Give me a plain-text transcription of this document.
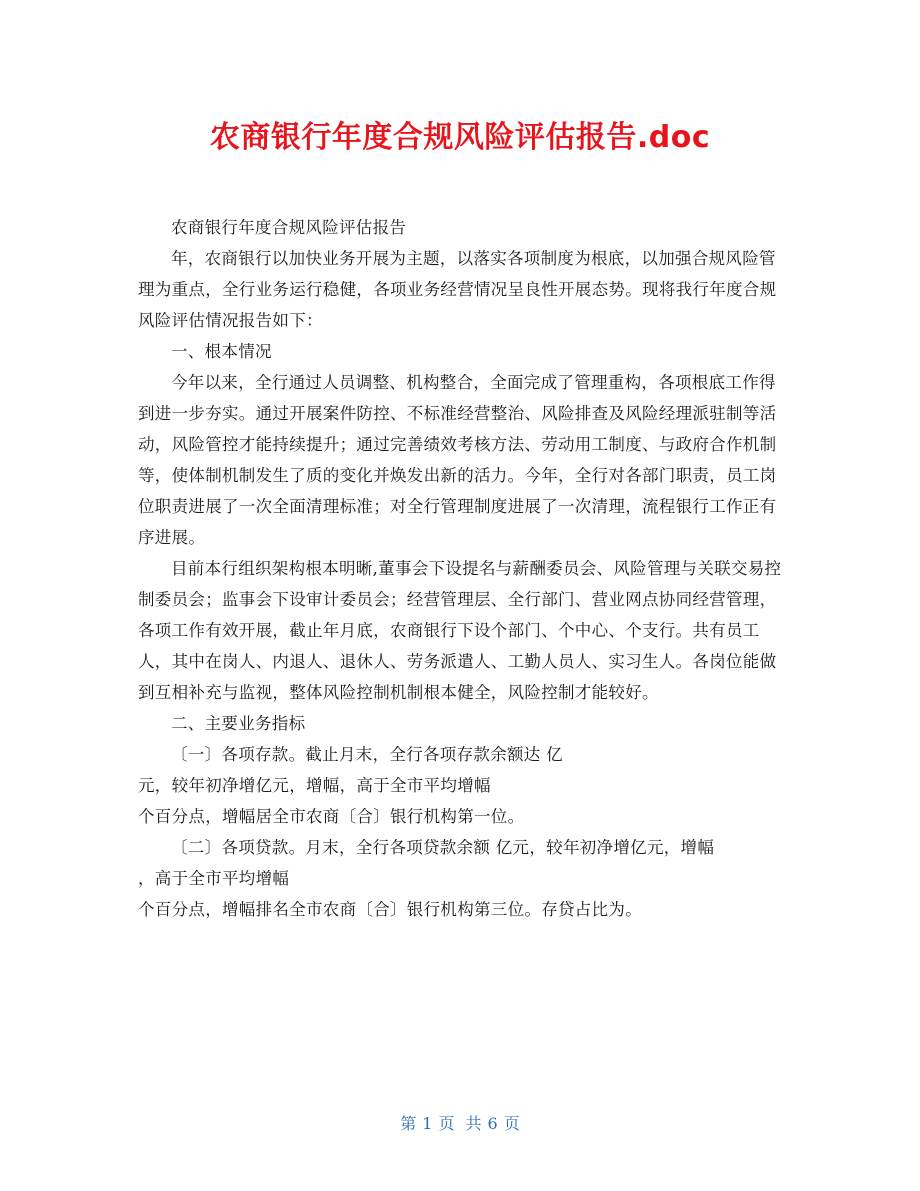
农商银行年度合规风险评估报告.doc

农商银行年度合规风险评估报告

年，农商银行以加快业务开展为主题，以落实各项制度为根底，以加强合规风险管理为重点，全行业务运行稳健，各项业务经营情况呈良性开展态势。现将我行年度合规风险评估情况报告如下：

一、根本情况

今年以来，全行通过人员调整、机构整合，全面完成了管理重构，各项根底工作得到进一步夯实。通过开展案件防控、不标准经营整治、风险排查及风险经理派驻制等活动，风险管控才能持续提升；通过完善绩效考核方法、劳动用工制度、与政府合作机制等，使体制机制发生了质的变化并焕发出新的活力。今年，全行对各部门职责，员工岗位职责进展了一次全面清理标准；对全行管理制度进展了一次清理，流程银行工作正有序进展。

目前本行组织架构根本明晰,董事会下设提名与薪酬委员会、风险管理与关联交易控制委员会；监事会下设审计委员会；经营管理层、全行部门、营业网点协同经营管理，各项工作有效开展，截止年月底，农商银行下设个部门、个中心、个支行。共有员工人，其中在岗人、内退人、退休人、劳务派遣人、工勤人员人、实习生人。各岗位能做到互相补充与监视，整体风险控制机制根本健全，风险控制才能较好。

二、主要业务指标

〔一〕各项存款。截止月末，全行各项存款余额达 亿

元，较年初净增亿元，增幅，高于全市平均增幅

个百分点，增幅居全市农商〔合〕银行机构第一位。

〔二〕各项贷款。月末，全行各项贷款余额 亿元，较年初净增亿元，增幅

，高于全市平均增幅

个百分点，增幅排名全市农商〔合〕银行机构第三位。存贷占比为。

第 1 页 共 6 页
